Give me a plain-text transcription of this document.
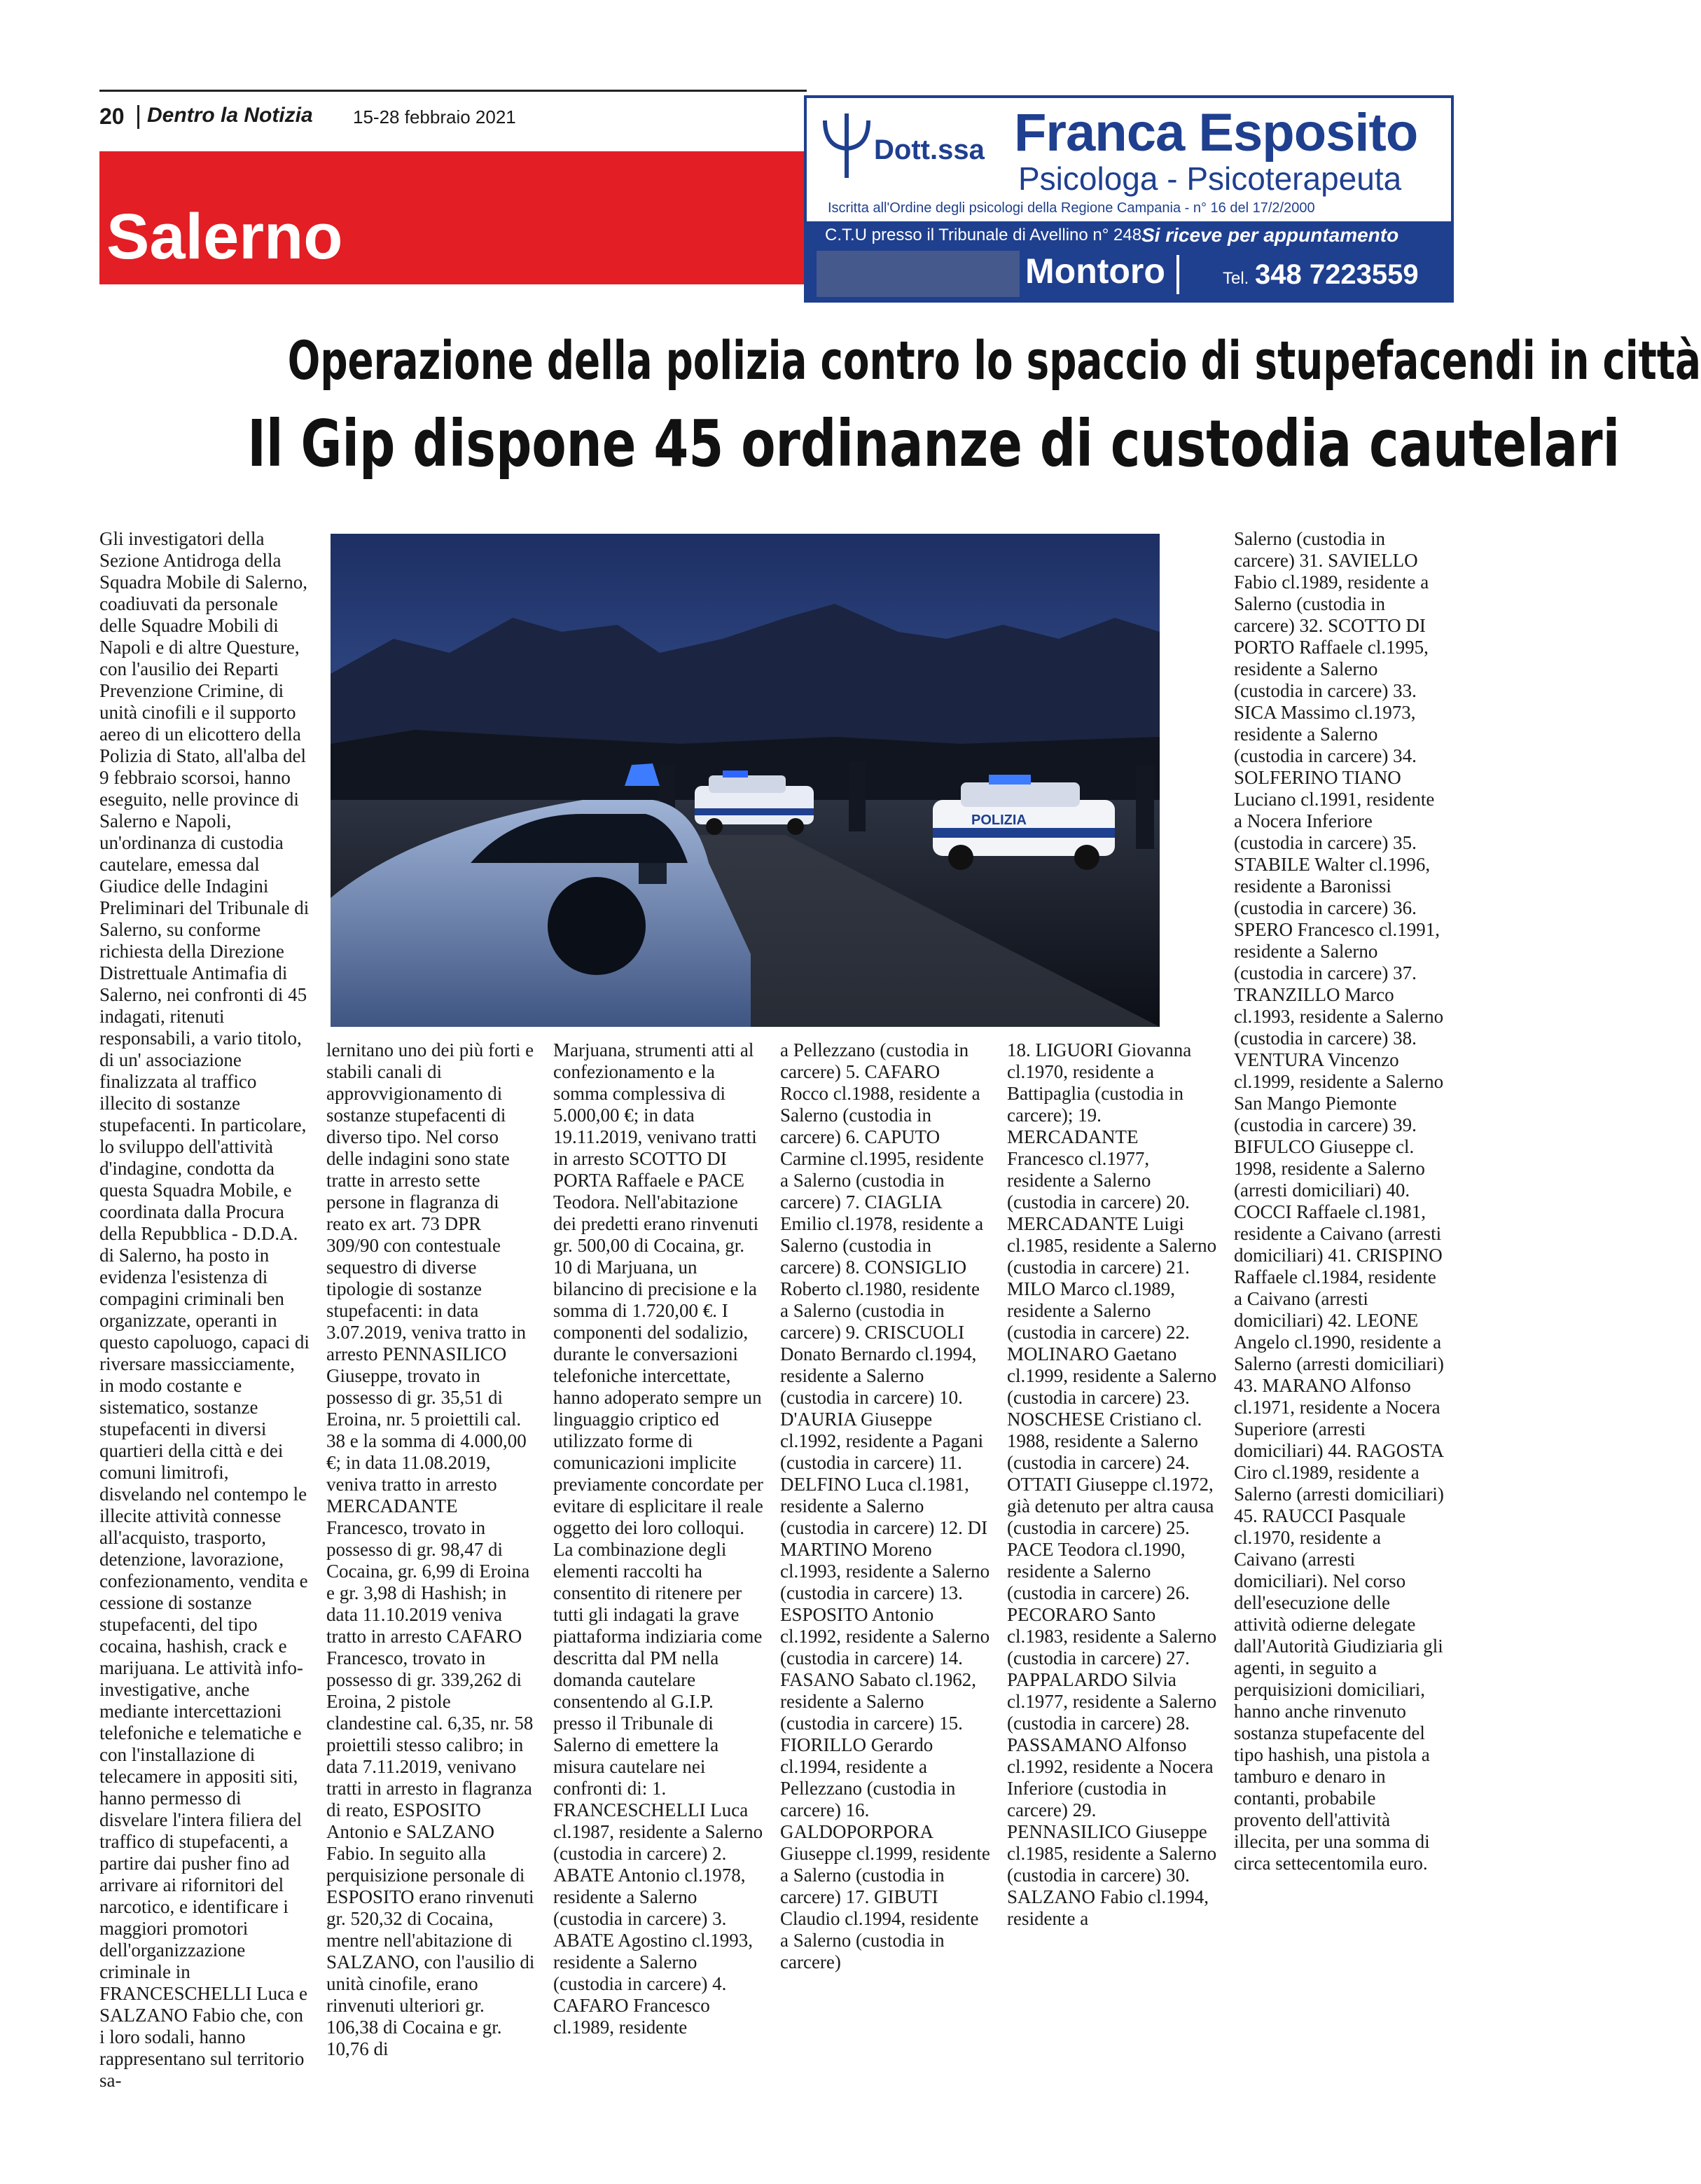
20 Dentro la Notizia 15-28 febbraio 2021
Salerno
Dott.ssa Franca Esposito
Psicologa - Psicoterapeuta
Iscritta all'Ordine degli psicologi della Regione Campania - n° 16 del 17/2/2000
C.T.U presso il Tribunale di Avellino n° 248 Si riceve per appuntamento
Montoro	Tel. 348 7223559
Operazione della polizia contro lo spaccio di stupefacendi in città
Il Gip dispone 45 ordinanze di custodia cautelari
POLIZIA

Gli investigatori della Sezione Antidroga della Squadra Mobile di Salerno, coadiuvati da personale delle Squadre Mobili di Napoli e di altre Questure, con l'ausilio dei Reparti Prevenzione Crimine, di unità cinofili e il supporto aereo di un elicottero della Polizia di Stato, all'alba del 9 febbraio scorsoi, hanno eseguito, nelle province di Salerno e Napoli, un'ordinanza di custodia cautelare, emessa dal Giudice delle Indagini Preliminari del Tribunale di Salerno, su conforme richiesta della Direzione Distrettuale Antimafia di Salerno, nei confronti di 45 indagati, ritenuti responsabili, a vario titolo, di un' associazione finalizzata al traffico illecito di sostanze stupefacenti. In particolare, lo sviluppo dell'attività d'indagine, condotta da questa Squadra Mobile, e coordinata dalla Procura della Repubblica - D.D.A. di Salerno, ha posto in evidenza l'esistenza di compagini criminali ben organizzate, operanti in questo capoluogo, capaci di riversare massicciamente, in modo costante e sistematico, sostanze stupefacenti in diversi quartieri della città e dei comuni limitrofi, disvelando nel contempo le illecite attività connesse all'acquisto, trasporto, detenzione, lavorazione, confezionamento, vendita e cessione di sostanze stupefacenti, del tipo cocaina, hashish, crack e marijuana. Le attività info-investigative, anche mediante intercettazioni telefoniche e telematiche e con l'installazione di telecamere in appositi siti, hanno permesso di disvelare l'intera filiera del traffico di stupefacenti, a partire dai pusher fino ad arrivare ai rifornitori del narcotico, e identificare i maggiori promotori dell'organizzazione criminale in FRANCESCHELLI Luca e SALZANO Fabio che, con i loro sodali, hanno rappresentano sul territorio sa-

lernitano uno dei più forti e stabili canali di approvvigionamento di sostanze stupefacenti di diverso tipo. Nel corso delle indagini sono state tratte in arresto sette persone in flagranza di reato ex art. 73 DPR 309/90 con contestuale sequestro di diverse tipologie di sostanze stupefacenti: in data 3.07.2019, veniva tratto in arresto PENNASILICO Giuseppe, trovato in possesso di gr. 35,51 di Eroina, nr. 5 proiettili cal. 38 e la somma di 4.000,00 €; in data 11.08.2019, veniva tratto in arresto MERCADANTE Francesco, trovato in possesso di gr. 98,47 di Cocaina, gr. 6,99 di Eroina e gr. 3,98 di Hashish; in data 11.10.2019 veniva tratto in arresto CAFARO Francesco, trovato in possesso di gr. 339,262 di Eroina, 2 pistole clandestine cal. 6,35, nr. 58 proiettili stesso calibro; in data 7.11.2019, venivano tratti in arresto in flagranza di reato, ESPOSITO Antonio e SALZANO Fabio. In seguito alla perquisizione personale di ESPOSITO erano rinvenuti gr. 520,32 di Cocaina, mentre nell'abitazione di SALZANO, con l'ausilio di unità cinofile, erano rinvenuti ulteriori gr. 106,38 di Cocaina e gr. 10,76 di

Marjuana, strumenti atti al confezionamento e la somma complessiva di 5.000,00 €; in data 19.11.2019, venivano tratti in arresto SCOTTO DI PORTA Raffaele e PACE Teodora. Nell'abitazione dei predetti erano rinvenuti gr. 500,00 di Cocaina, gr. 10 di Marjuana, un bilancino di precisione e la somma di 1.720,00 €. I componenti del sodalizio, durante le conversazioni telefoniche intercettate, hanno adoperato sempre un linguaggio criptico ed utilizzato forme di comunicazioni implicite previamente concordate per evitare di esplicitare il reale oggetto dei loro colloqui. La combinazione degli elementi raccolti ha consentito di ritenere per tutti gli indagati la grave piattaforma indiziaria come descritta dal PM nella domanda cautelare consentendo al G.I.P. presso il Tribunale di Salerno di emettere la misura cautelare nei confronti di: 1. FRANCESCHELLI Luca cl.1987, residente a Salerno (custodia in carcere) 2. ABATE Antonio cl.1978, residente a Salerno (custodia in carcere) 3. ABATE Agostino cl.1993, residente a Salerno (custodia in carcere) 4. CAFARO Francesco cl.1989, residente

a Pellezzano (custodia in carcere) 5. CAFARO Rocco cl.1988, residente a Salerno (custodia in carcere) 6. CAPUTO Carmine cl.1995, residente a Salerno (custodia in carcere) 7. CIAGLIA Emilio cl.1978, residente a Salerno (custodia in carcere) 8. CONSIGLIO Roberto cl.1980, residente a Salerno (custodia in carcere) 9. CRISCUOLI Donato Bernardo cl.1994, residente a Salerno (custodia in carcere) 10. D'AURIA Giuseppe cl.1992, residente a Pagani (custodia in carcere) 11. DELFINO Luca cl.1981, residente a Salerno (custodia in carcere) 12. DI MARTINO Moreno cl.1993, residente a Salerno (custodia in carcere) 13. ESPOSITO Antonio cl.1992, residente a Salerno (custodia in carcere) 14. FASANO Sabato cl.1962, residente a Salerno (custodia in carcere) 15. FIORILLO Gerardo cl.1994, residente a Pellezzano (custodia in carcere) 16. GALDOPORPORA Giuseppe cl.1999, residente a Salerno (custodia in carcere) 17. GIBUTI Claudio cl.1994, residente a Salerno (custodia in carcere)

18. LIGUORI Giovanna cl.1970, residente a Battipaglia (custodia in carcere); 19. MERCADANTE Francesco cl.1977, residente a Salerno (custodia in carcere) 20. MERCADANTE Luigi cl.1985, residente a Salerno (custodia in carcere) 21. MILO Marco cl.1989, residente a Salerno (custodia in carcere) 22. MOLINARO Gaetano cl.1999, residente a Salerno (custodia in carcere) 23. NOSCHESE Cristiano cl. 1988, residente a Salerno (custodia in carcere) 24. OTTATI Giuseppe cl.1972, già detenuto per altra causa (custodia in carcere) 25. PACE Teodora cl.1990, residente a Salerno (custodia in carcere) 26. PECORARO Santo cl.1983, residente a Salerno (custodia in carcere) 27. PAPPALARDO Silvia cl.1977, residente a Salerno (custodia in carcere) 28. PASSAMANO Alfonso cl.1992, residente a Nocera Inferiore (custodia in carcere) 29. PENNASILICO Giuseppe cl.1985, residente a Salerno (custodia in carcere) 30. SALZANO Fabio cl.1994, residente a

Salerno (custodia in carcere) 31. SAVIELLO Fabio cl.1989, residente a Salerno (custodia in carcere) 32. SCOTTO DI PORTO Raffaele cl.1995, residente a Salerno (custodia in carcere) 33. SICA Massimo cl.1973, residente a Salerno (custodia in carcere) 34. SOLFERINO TIANO Luciano cl.1991, residente a Nocera Inferiore (custodia in carcere) 35. STABILE Walter cl.1996, residente a Baronissi (custodia in carcere) 36. SPERO Francesco cl.1991, residente a Salerno (custodia in carcere) 37. TRANZILLO Marco cl.1993, residente a Salerno (custodia in carcere) 38. VENTURA Vincenzo cl.1999, residente a Salerno San Mango Piemonte (custodia in carcere) 39. BIFULCO Giuseppe cl. 1998, residente a Salerno (arresti domiciliari) 40. COCCI Raffaele cl.1981, residente a Caivano (arresti domiciliari) 41. CRISPINO Raffaele cl.1984, residente a Caivano (arresti domiciliari) 42. LEONE Angelo cl.1990, residente a Salerno (arresti domiciliari) 43. MARANO Alfonso cl.1971, residente a Nocera Superiore (arresti domiciliari) 44. RAGOSTA Ciro cl.1989, residente a Salerno (arresti domiciliari) 45. RAUCCI Pasquale cl.1970, residente a Caivano (arresti domiciliari). Nel corso dell'esecuzione delle attività odierne delegate dall'Autorità Giudiziaria gli agenti, in seguito a perquisizioni domiciliari, hanno anche rinvenuto sostanza stupefacente del tipo hashish, una pistola a tamburo e denaro in contanti, probabile provento dell'attività illecita, per una somma di circa settecentomila euro.
